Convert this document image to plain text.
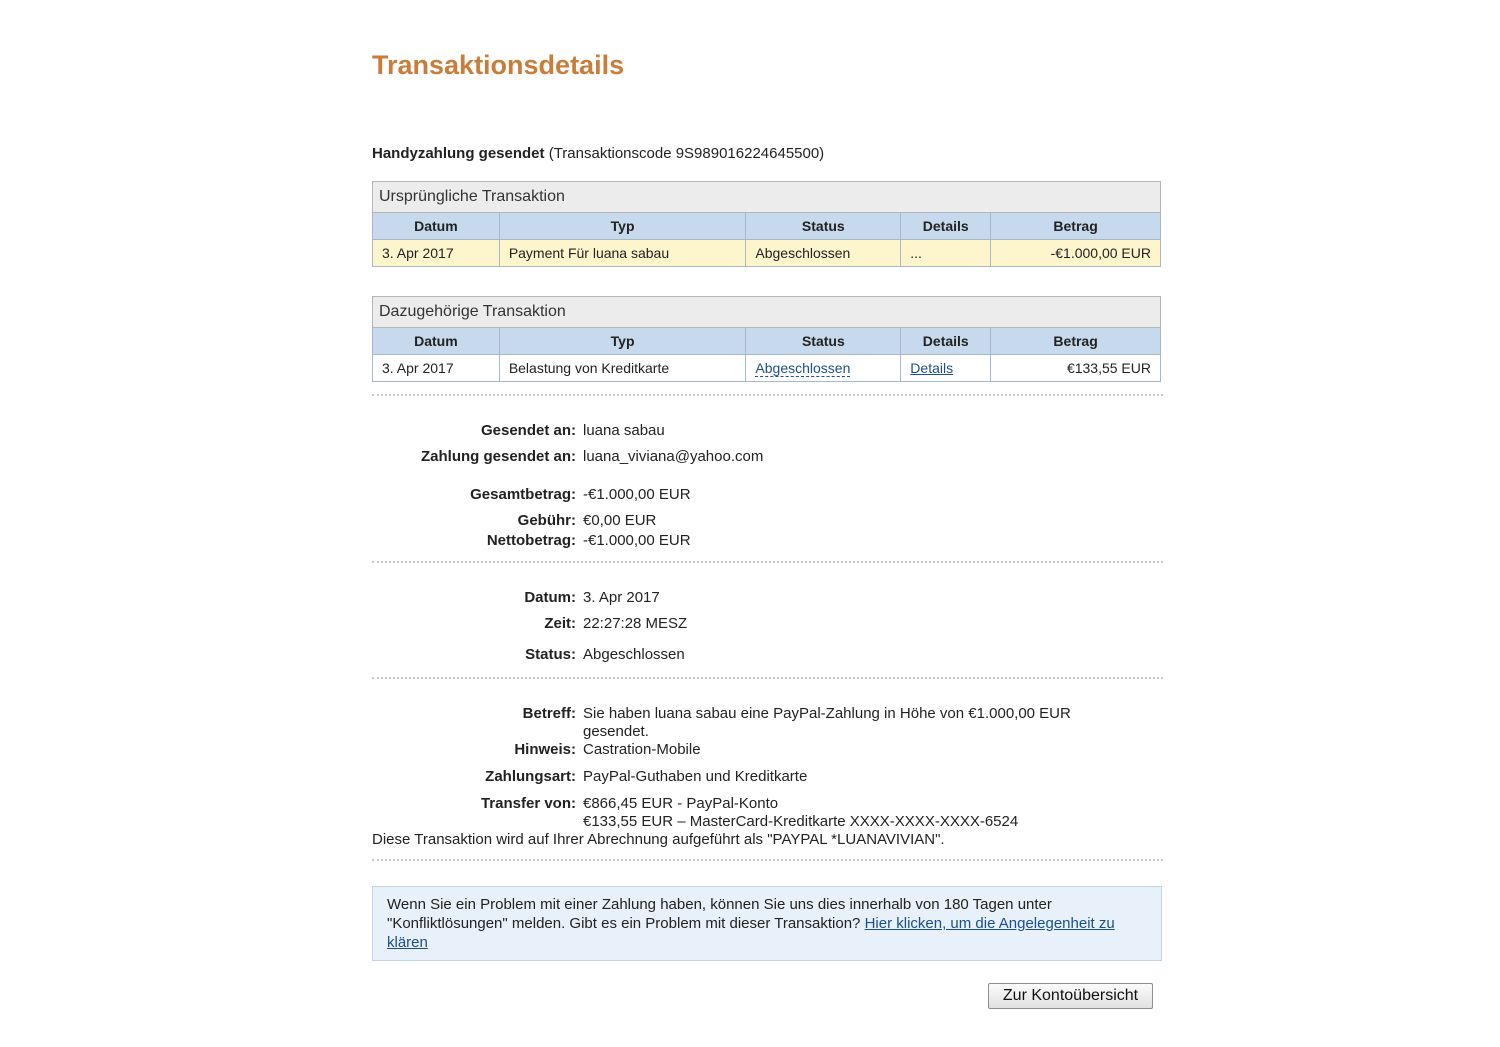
Transaktionsdetails
Handyzahlung gesendet (Transaktionscode 9S989016224645500)
Ursprüngliche Transaktion				
Datum	Typ	Status	Details	Betrag
3. Apr 2017	Payment Für luana sabau	Abgeschlossen	...	-€1.000,00 EUR
Dazugehörige Transaktion				
Datum	Typ	Status	Details	Betrag
3. Apr 2017	Belastung von Kreditkarte	Abgeschlossen	Details	€133,55 EUR
Gesendet an: luana sabau
Zahlung gesendet an: luana_viviana@yahoo.com
Gesamtbetrag: -€1.000,00 EUR
Gebühr: €0,00 EUR
Nettobetrag: -€1.000,00 EUR
Datum: 3. Apr 2017
Zeit: 22:27:28 MESZ
Status: Abgeschlossen
Betreff: Sie haben luana sabau eine PayPal-Zahlung in Höhe von €1.000,00 EUR gesendet.
Hinweis: Castration-Mobile
Zahlungsart: PayPal-Guthaben und Kreditkarte
Transfer von: €866,45 EUR - PayPal-Konto
€133,55 EUR – MasterCard-Kreditkarte XXXX-XXXX-XXXX-6524
Diese Transaktion wird auf Ihrer Abrechnung aufgeführt als "PAYPAL *LUANAVIVIAN".
Wenn Sie ein Problem mit einer Zahlung haben, können Sie uns dies innerhalb von 180 Tagen unter "Konfliktlösungen" melden. Gibt es ein Problem mit dieser Transaktion? Hier klicken, um die Angelegenheit zu klären
Zur Kontoübersicht
